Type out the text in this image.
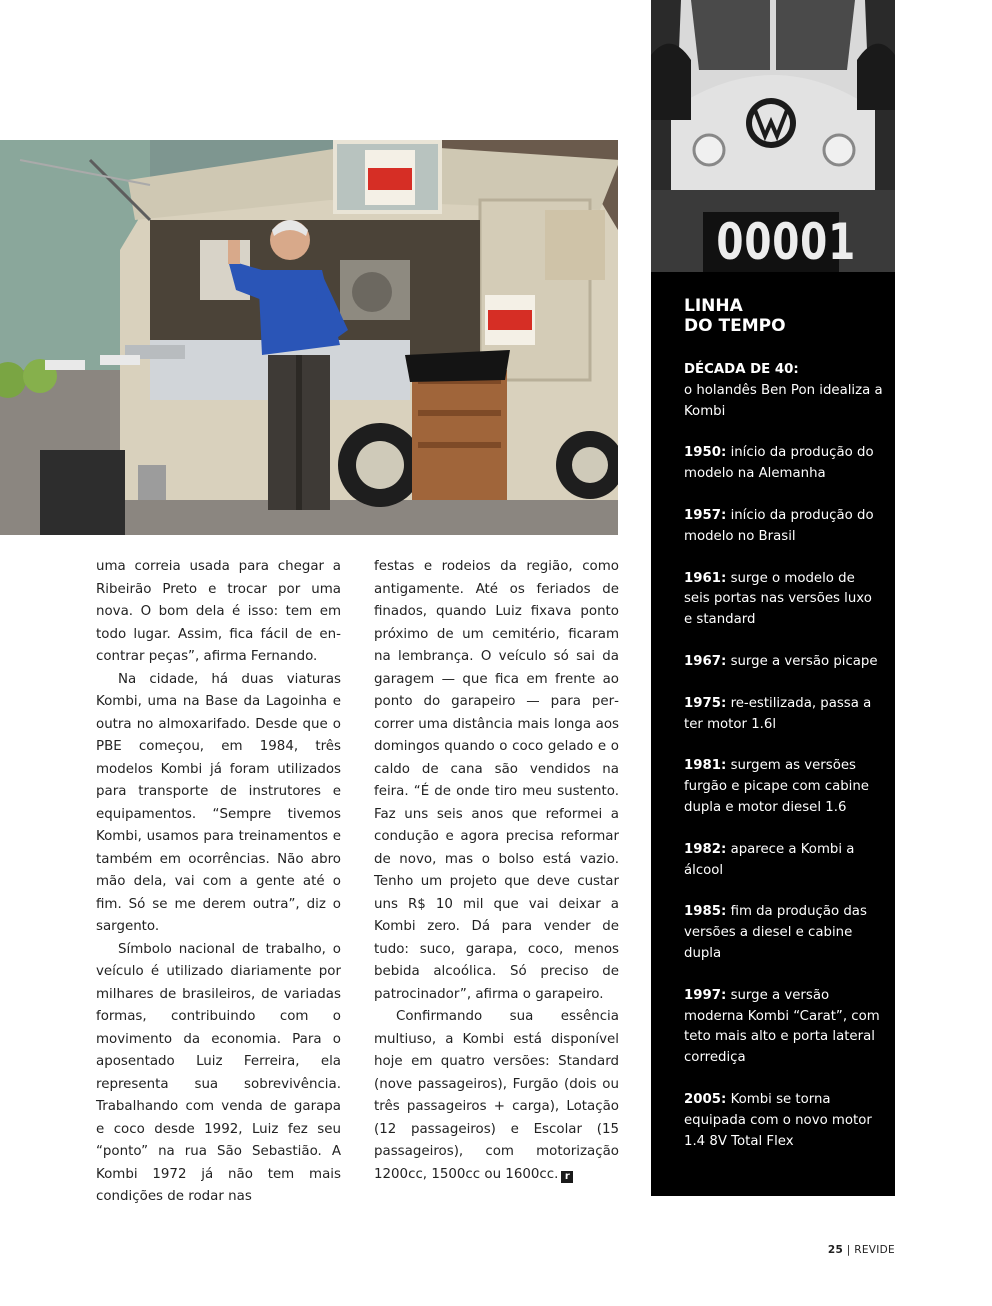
uma correia usada para chegar a Ribeirão Preto e trocar por uma nova. O bom dela é isso: tem em todo lugar. Assim, fica fácil de encontrar peças”, afirma Fernando.

Na cidade, há duas viaturas Kombi, uma na Base da Lagoinha e outra no almoxarifado. Desde que o PBE começou, em 1984, três modelos Kombi já foram utilizados para transporte de instrutores e equipamentos. “Sempre tivemos Kombi, usamos para treinamentos e também em ocorrências. Não abro mão dela, vai com a gente até o fim. Só se me derem outra”, diz o sargento.

Símbolo nacional de trabalho, o veículo é utilizado diariamente por milhares de brasileiros, de variadas formas, contribuindo com o movimento da economia. Para o aposentado Luiz Ferreira, ela representa sua sobrevivência. Trabalhando com venda de garapa e coco desde 1992, Luiz fez seu “ponto” na rua São Sebastião. A Kombi 1972 já não tem mais condições de rodar nas

festas e rodeios da região, como antigamente. Até os feriados de finados, quando Luiz fixava ponto próximo de um cemitério, ficaram na lembrança. O veículo só sai da garagem — que fica em frente ao ponto do garapeiro — para percorrer uma distância mais longa aos domingos quando o coco gelado e o caldo de cana são vendidos na feira. “É de onde tiro meu sustento. Faz uns seis anos que reformei a condução e agora precisa reformar de novo, mas o bolso está vazio. Tenho um projeto que deve custar uns R$ 10 mil que vai deixar a Kombi zero. Dá para vender de tudo: suco, garapa, coco, menos bebida alcoólica. Só preciso de patrocinador”, afirma o garapeiro.

Confirmando sua essência multiuso, a Kombi está disponível hoje em quatro versões: Standard (nove passageiros), Furgão (dois ou três passageiros + carga), Lotação (12 passageiros) e Escolar (15 passageiros), com motorização 1200cc, 1500cc ou 1600cc. r

00001
LINHA
DO TEMPO
DÉCADA DE 40:
o holandês Ben Pon idealiza a Kombi
1950: início da produção do modelo na Alemanha
1957: início da produção do modelo no Brasil
1961: surge o modelo de seis portas nas versões luxo e standard
1967: surge a versão picape
1975: re-estilizada, passa a ter motor 1.6l
1981: surgem as versões furgão e picape com cabine dupla e motor diesel 1.6
1982: aparece a Kombi a álcool
1985: fim da produção das versões a diesel e cabine dupla
1997: surge a versão moderna Kombi “Carat”, com teto mais alto e porta lateral corrediça
2005: Kombi se torna equipada com o novo motor 1.4 8V Total Flex
25 | REVIDE
